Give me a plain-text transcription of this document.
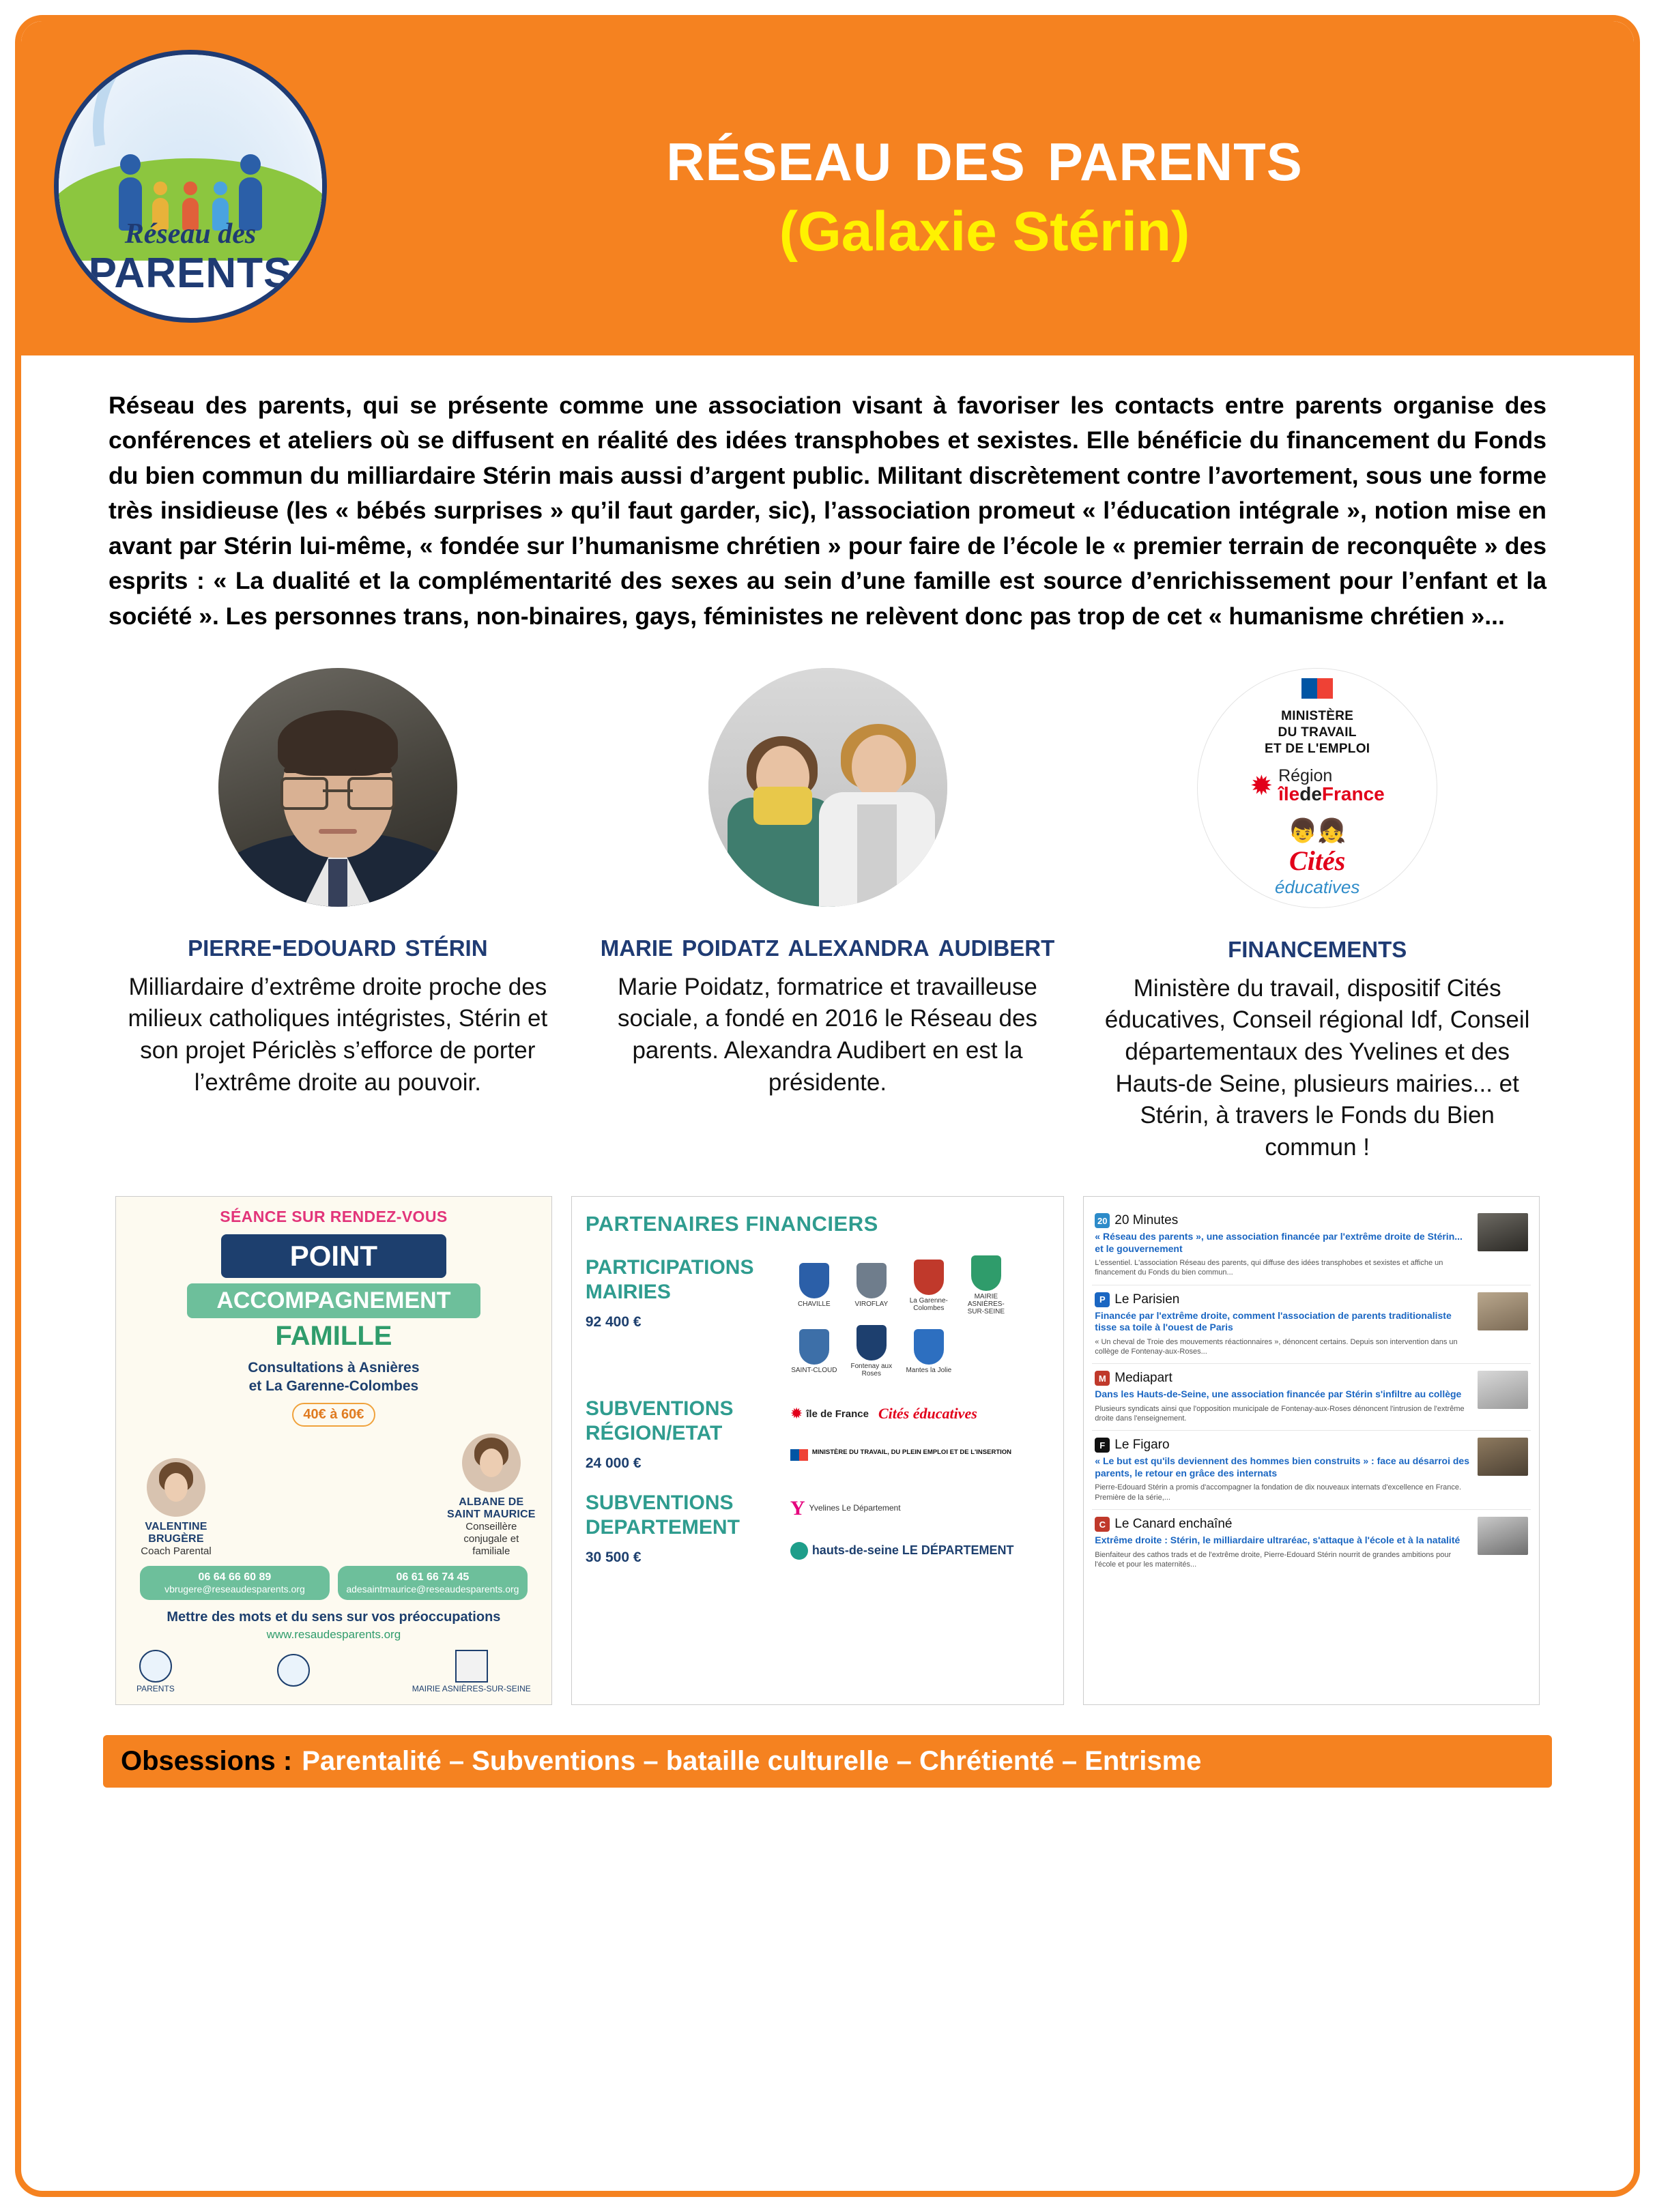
Réseau des
PARENTS
réseau des parents
(Galaxie Stérin)
Réseau des parents, qui se présente comme une association visant à favoriser les contacts entre parents organise des conférences et ateliers où se diffusent en réalité des idées transphobes et sexistes. Elle bénéficie du financement du Fonds du bien commun du milliardaire Stérin mais aussi d’argent public. Militant discrètement contre l’avortement, sous une forme très insidieuse (les « bébés surprises » qu’il faut garder, sic), l’association promeut « l’éducation intégrale », notion mise en avant par Stérin lui-même, « fondée sur l’humanisme chrétien » pour faire de l’école le « premier terrain de reconquête » des esprits : « La dualité et la complémentarité des sexes au sein d’une famille est source d’enrichissement pour l’enfant et la société ». Les personnes trans, non-binaires, gays, féministes ne relèvent donc pas trop de cet « humanisme chrétien »...
pierre-edouard stérin
Milliardaire d’extrême droite proche des milieux catholiques intégristes, Stérin et son projet Périclès s’efforce de porter l’extrême droite au pouvoir.
marie poidatz alexandra audibert
Marie Poidatz, formatrice et travailleuse sociale, a fondé en 2016 le Réseau des parents. Alexandra Audibert en est la présidente.
MINISTÈRE
DU TRAVAIL
ET DE L'EMPLOI
✹ Région
îledeFrance
👦👧
Cités
éducatives
financements
Ministère du travail, dispositif Cités éducatives, Conseil régional Idf, Conseil départementaux des Yvelines et des Hauts-de Seine, plusieurs mairies... et Stérin, à travers le Fonds du Bien commun !
SÉANCE SUR RENDEZ-VOUS
POINT
ACCOMPAGNEMENT
FAMILLE
Consultations à Asnières
et La Garenne-Colombes
40€ à 60€
VALENTINE BRUGÈRE
Coach Parental
ALBANE DE SAINT MAURICE
Conseillère conjugale et familiale
06 64 66 60 89
vbrugere@reseaudesparents.org
06 61 66 74 45
adesaintmaurice@reseaudesparents.org
Mettre des mots et du sens sur vos préoccupations
www.resaudesparents.org
PARENTS	MAIRIE ASNIÈRES-SUR-SEINE
PARTENAIRES FINANCIERS
PARTICIPATIONS MAIRIES
92 400 €
CHAVILLE	VIROFLAY	La Garenne-Colombes
MAIRIE ASNIÈRES-SUR-SEINE
SAINT-CLOUD	Fontenay aux Roses	Mantes la Jolie
SUBVENTIONS RÉGION/ETAT
24 000 €
✹ île de France Cités éducatives
MINISTÈRE DU TRAVAIL, DU PLEIN EMPLOI ET DE L'INSERTION
SUBVENTIONS DEPARTEMENT
30 500 €
Y Yvelines Le Département
hauts-de-seine LE DÉPARTEMENT
20 20 Minutes
« Réseau des parents », une association financée par l'extrême droite de Stérin... et le gouvernement
L'essentiel. L'association Réseau des parents, qui diffuse des idées transphobes et sexistes et affiche un financement du Fonds du bien commun...
P Le Parisien
Financée par l'extrême droite, comment l'association de parents traditionaliste tisse sa toile à l'ouest de Paris
« Un cheval de Troie des mouvements réactionnaires », dénoncent certains. Depuis son intervention dans un collège de Fontenay-aux-Roses...
M Mediapart
Dans les Hauts-de-Seine, une association financée par Stérin s'infiltre au collège
Plusieurs syndicats ainsi que l'opposition municipale de Fontenay-aux-Roses dénoncent l'intrusion de l'extrême droite dans l'enseignement.
F Le Figaro
« Le but est qu'ils deviennent des hommes bien construits » : face au désarroi des parents, le retour en grâce des internats
Pierre-Edouard Stérin a promis d'accompagner la fondation de dix nouveaux internats d'excellence en France. Première de la série,...
C Le Canard enchaîné
Extrême droite : Stérin, le milliardaire ultraréac, s'attaque à l'école et à la natalité
Bienfaiteur des cathos trads et de l'extrême droite, Pierre-Edouard Stérin nourrit de grandes ambitions pour l'école et pour les maternités...
Obsessions : Parentalité – Subventions – bataille culturelle – Chrétienté – Entrisme
